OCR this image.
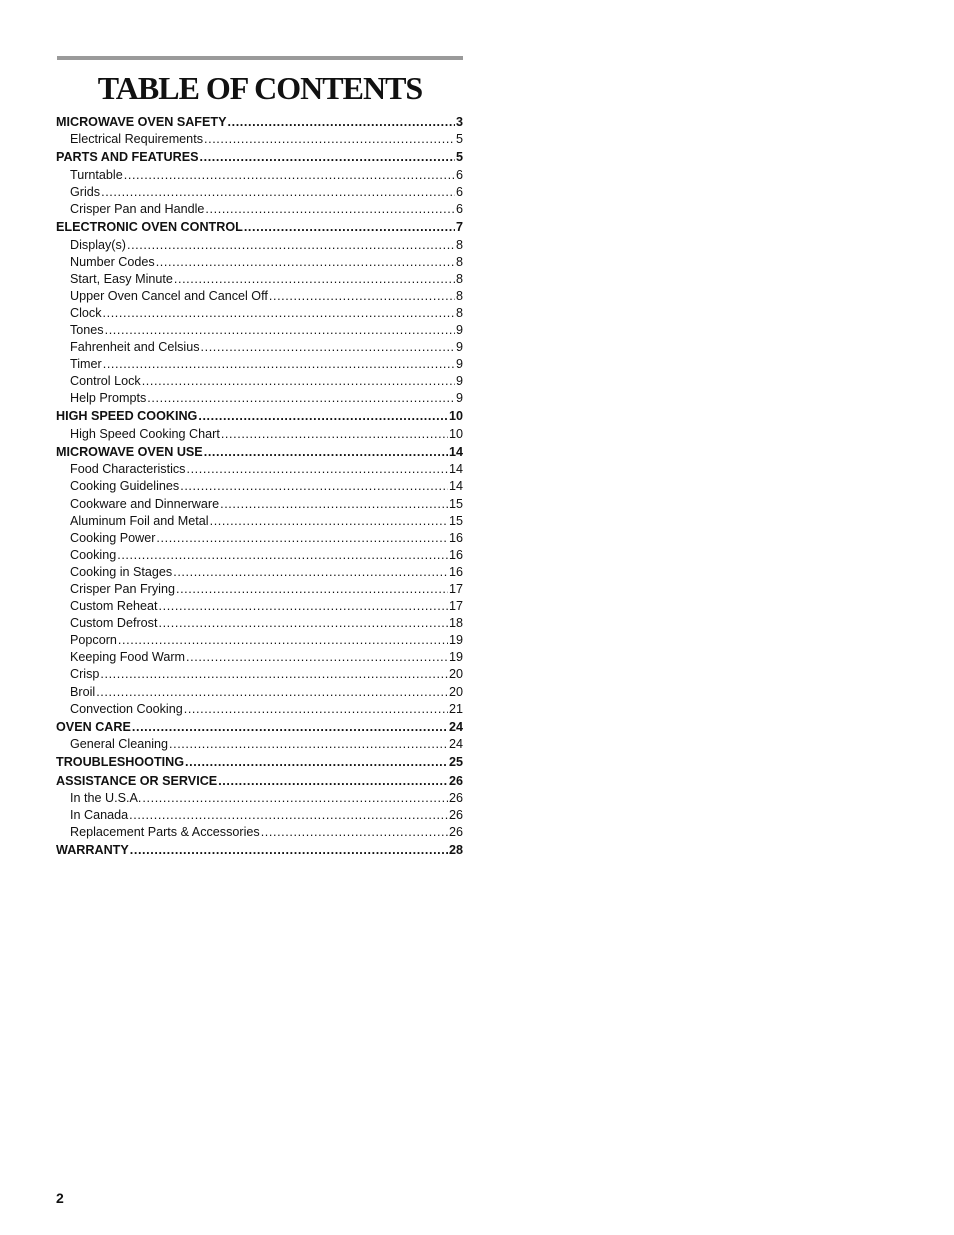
TABLE OF CONTENTS
MICROWAVE OVEN SAFETY .....	3
Electrical Requirements .....	5
PARTS AND FEATURES .....	5
Turntable .....	6
Grids .....	6
Crisper Pan and Handle .....	6
ELECTRONIC OVEN CONTROL .....	7
Display(s) .....	8
Number Codes .....	8
Start, Easy Minute .....	8
Upper Oven Cancel and Cancel Off .....	8
Clock .....	8
Tones .....	9
Fahrenheit and Celsius .....	9
Timer .....	9
Control Lock .....	9
Help Prompts .....	9
HIGH SPEED COOKING .....	10
High Speed Cooking Chart .....	10
MICROWAVE OVEN USE .....	14
Food Characteristics .....	14
Cooking Guidelines .....	14
Cookware and Dinnerware .....	15
Aluminum Foil and Metal .....	15
Cooking Power .....	16
Cooking .....	16
Cooking in Stages .....	16
Crisper Pan Frying .....	17
Custom Reheat .....	17
Custom Defrost .....	18
Popcorn .....	19
Keeping Food Warm .....	19
Crisp .....	20
Broil .....	20
Convection Cooking .....	21
OVEN CARE .....	24
General Cleaning .....	24
TROUBLESHOOTING .....	25
ASSISTANCE OR SERVICE .....	26
In the U.S.A. .....	26
In Canada .....	26
Replacement Parts & Accessories .....	26
WARRANTY .....	28
2
